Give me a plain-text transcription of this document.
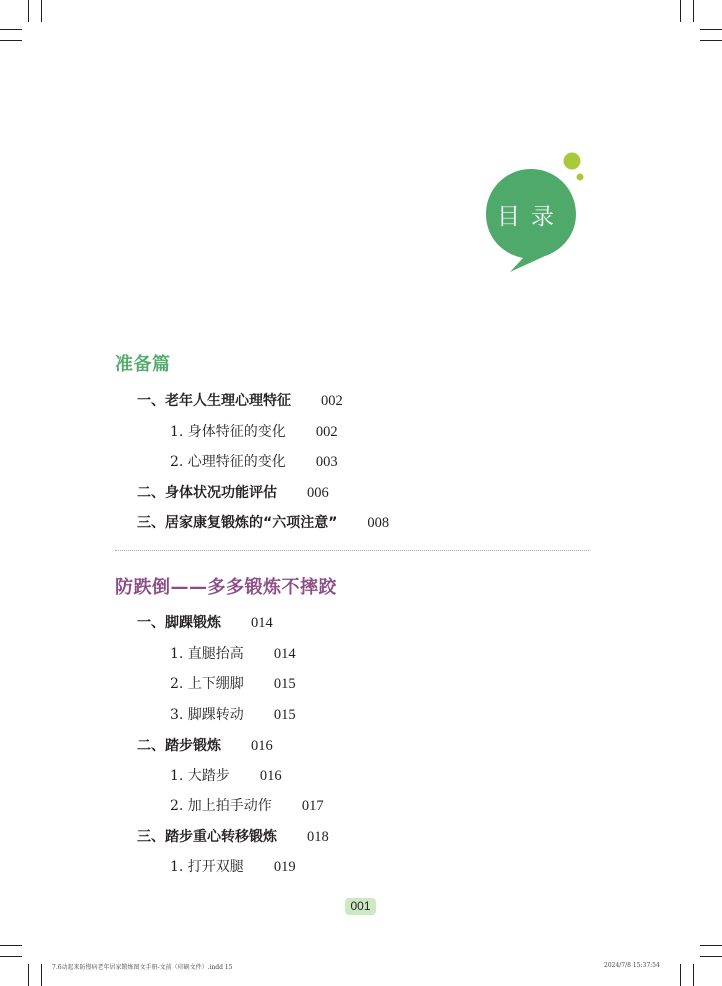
目录
准备篇
一、老年人生理心理特征 002
1. 身体特征的变化 002
2. 心理特征的变化 003
二、身体状况功能评估 006
三、居家康复锻炼的“六项注意” 008
防跌倒——多多锻炼不摔跤
一、脚踝锻炼 014
1. 直腿抬高 014
2. 上下绷脚 015
3. 脚踝转动 015
二、踏步锻炼 016
1. 大踏步 016
2. 加上拍手动作 017
三、踏步重心转移锻炼 018
1. 打开双腿 019
001
7.6动起来防慢病老年居家锻炼图文手册-文前（印刷文件）.indd 15	2024/7/8 15:37:54
